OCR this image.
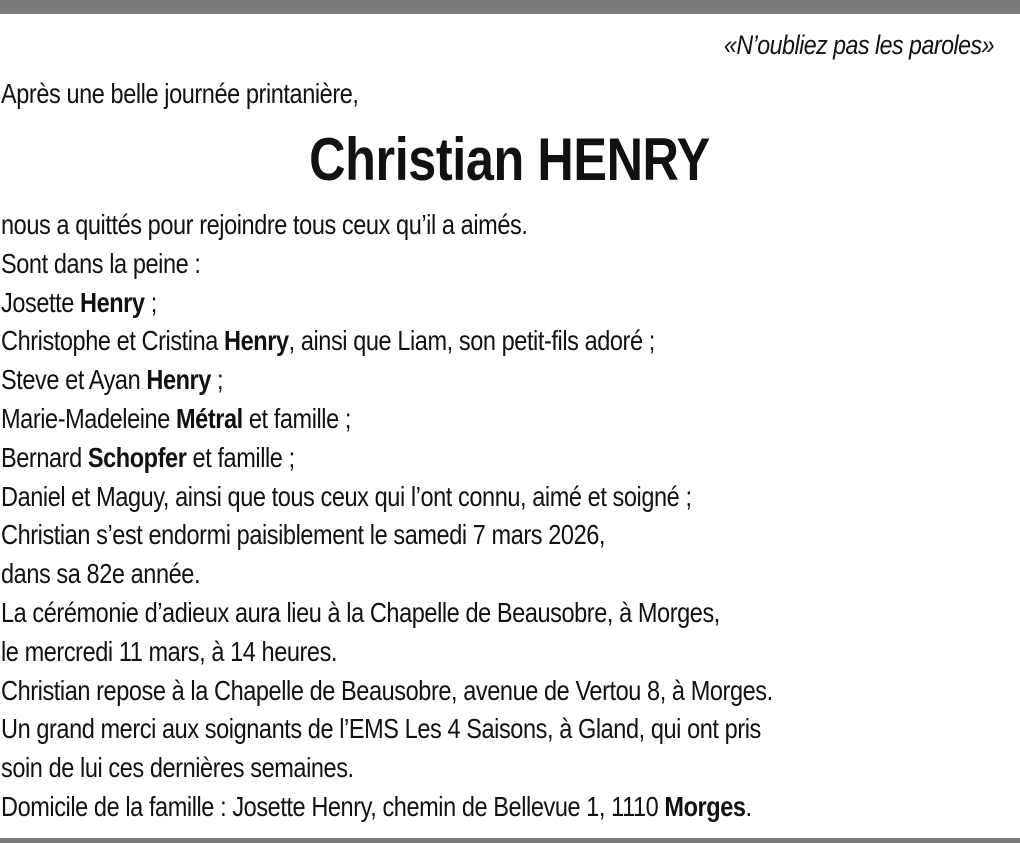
«N’oubliez pas les paroles»
Après une belle journée printanière,
Christian HENRY
nous a quittés pour rejoindre tous ceux qu’il a aimés.
Sont dans la peine :
Josette Henry ;
Christophe et Cristina Henry, ainsi que Liam, son petit-fils adoré ;
Steve et Ayan Henry ;
Marie-Madeleine Métral et famille ;
Bernard Schopfer et famille ;
Daniel et Maguy, ainsi que tous ceux qui l’ont connu, aimé et soigné ;
Christian s’est endormi paisiblement le samedi 7 mars 2026,
dans sa 82e année.
La cérémonie d’adieux aura lieu à la Chapelle de Beausobre, à Morges,
le mercredi 11 mars, à 14 heures.
Christian repose à la Chapelle de Beausobre, avenue de Vertou 8, à Morges.
Un grand merci aux soignants de l’EMS Les 4 Saisons, à Gland, qui ont pris
soin de lui ces dernières semaines.
Domicile de la famille : Josette Henry, chemin de Bellevue 1, 1110 Morges.
